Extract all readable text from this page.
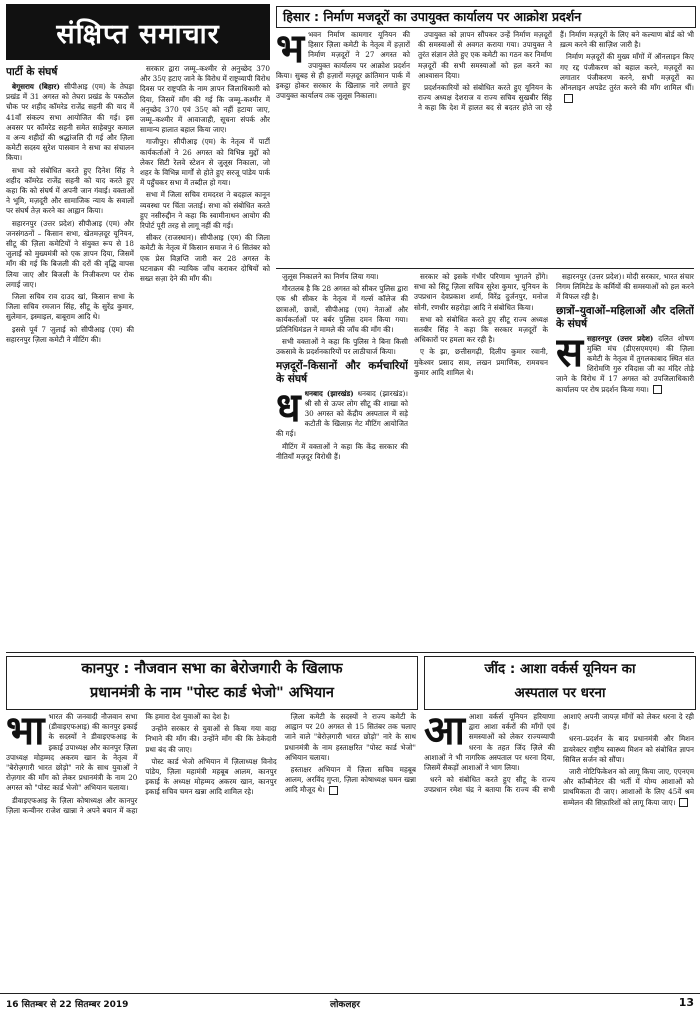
संक्षिप्त समाचार
पार्टी के संघर्ष

बेगूसराय (बिहार) सीपीआइ (एम) के तेघड़ा प्रखंड में 31 अगस्त को तेघरा प्रखंड के पकठौल चौक पर शहीद कॉमरेड राजेंद्र सहनी की याद में 41वाँ संकल्प सभा आयोजित की गई। इस अवसर पर कॉमरेड सहनी समेत साहेबपुर कमाल व अन्य शहीदों की श्रद्धांजलि दी गई और ज़िला कमेटी सदस्य सुरेश पासवान ने सभा का संचालन किया।

सभा को संबोधित करते हुए दिनेश सिंह ने शहीद कॉमरेड राजेंद्र सहनी को याद करते हुए कहा कि को संघर्ष में अपनी जान गंवाई। वक्ताओं ने भूमि, मज़दूरी और सामाजिक न्याय के सवालों पर संघर्ष तेज़ करने का आह्वान किया।

सहारनपुर (उत्तर प्रदेश) सीपीआइ (एम) और जनसंगठनों – किसान सभा, खेतमज़दूर यूनियन, सीटू की ज़िला कमेटियों ने संयुक्त रूप से 18 जुलाई को मुख्यमंत्री को एक ज्ञापन दिया, जिसमें माँग की गई कि बिजली की दरों की वृद्धि वापस लिया जाए और बिजली के निजीकरण पर रोक लगाई जाए।

जिला सचिव राव दाउद खां, किसान सभा के जिला सचिव रमजान सिंह, सीटू के सुरेंद्र कुमार, सुलेमान, इस्माइल, बाबूराम आदि थे।

इससे पूर्व 7 जुलाई को सीपीआइ (एम) की सहारनपुर ज़िला कमेटी ने मीटिंग की।

सरकार द्वारा जम्मू–कश्मीर से अनुच्छेद 370 और 35ए हटाए जाने के विरोध में राष्ट्रव्यापी विरोध दिवस पर राष्ट्रपति के नाम ज्ञापन जिलाधिकारी को दिया, जिसमें माँग की गई कि जम्मू–कश्मीर में अनुच्छेद 370 एवं 35ए को नहीं हटाया जाए, जम्मू–कश्मीर में आवाजाही, सूचना संपर्क और सामान्य हालात बहाल किया जाए।

गाजीपुर। सीपीआइ (एम) के नेतृत्व में पार्टी कार्यकर्ताओं ने 26 अगस्त को विभिन्न मुद्दों को लेकर सिटी रेलवे स्टेशन से जुलूस निकाला, जो शहर के विभिन्न मार्गों से होते हुए सरजू पांडेय पार्क में पहुँचकर सभा में तब्दील हो गया।

सभा में जिला सचिव रामदरश ने बदहाल कानून व्यवस्था पर चिंता जताई। सभा को संबोधित करते हुए नसीरुद्दीन ने कहा कि स्वामीनाथन आयोग की रिपोर्ट पूरी तरह से लागू नहीं की गई।

सीकर (राजस्थान)। सीपीआइ (एम) की जिला कमेटी के नेतृत्व में किसान समाज ने 6 सितंबर को एक प्रेस विज्ञप्ति जारी कर 28 अगस्त के घटनाक्रम की न्यायिक जाँच कराकर दोषियों को सख्त सज़ा देने की माँग की।

हिसार : निर्माण मजदूरों का उपायुक्त कार्यालय पर आक्रोश प्रदर्शन

भभवन निर्माण कामगार यूनियन की हिसार ज़िला कमेटी के नेतृत्व में हज़ारों निर्माण मज़दूरों ने 27 अगस्त को उपायुक्त कार्यालय पर आक्रोश प्रदर्शन किया। सुबह से ही हज़ारों मज़दूर क्रांतिमान पार्क में इकट्ठा होकर सरकार के खिलाफ़ नारे लगाते हुए उपायुक्त कार्यालय तक जुलूस निकाला।

उपायुक्त को ज्ञापन सौंपकर उन्हें निर्माण मज़दूरों की समस्याओं से अवगत कराया गया। उपायुक्त ने तुरंत संज्ञान लेते हुए एक कमेटी का गठन कर निर्माण मज़दूरों की सभी समस्याओं को हल करने का आश्वासन दिया।

प्रदर्शनकारियों को संबोधित करते हुए यूनियन के राज्य अध्यक्ष देशराज व राज्य सचिव सुखबीर सिंह ने कहा कि देश में हालत बद से बदतर होते जा रहे हैं। निर्माण मज़दूरों के लिए बने कल्याण बोर्ड को भी ख़त्म करने की साज़िश जारी है।

निर्माण मज़दूरों की मुख्य माँगों में ऑनलाइन किए गए रद्द पंजीकरण को बहाल करने, मज़दूरों का लगातार पंजीकरण करने, सभी मज़दूरों का ऑनलाइन अपडेट तुरंत करने की माँग शामिल थीं।

जुलूस निकालने का निर्णय लिया गया।

गौरतलब है कि 28 अगस्त को सीकर पुलिस द्वारा एक श्री सीकर के नेतृत्व में गर्ल्स कॉलेज की छात्राओं, छात्रों, सीपीआइ (एम) नेताओं और कार्यकर्ताओं पर बर्बर पुलिस दमन किया गया। प्रतिनिधिमंडल ने मामले की जाँच की माँग की।

सभी वक्ताओं ने कहा कि पुलिस ने बिना किसी उकसावे के प्रदर्शनकारियों पर लाठीचार्ज किया।

मज़दूरों–किसानों और कर्मचारियों के संघर्ष

धधनबाद (झारखंड) धनबाद (झारखंड)। श्री सौ से ऊपर लोग सीटू की शाखा को 30 अगस्त को केंद्रीय अस्पताल में सड़े कटौती के खिलाफ़ गेट मीटिंग आयोजित की गई।

मीटिंग में वक्ताओं ने कहा कि केंद्र सरकार की नीतियाँ मज़दूर विरोधी हैं।

सरकार को इसके गंभीर परिणाम भुगतने होंगे। सभा को सिटू ज़िला सचिव सुरेश कुमार, यूनियन के उपप्रधान देवप्रकाश शर्मा, विरेंद्र दुर्जनपुर, मनोज सोनी, रणधीर सहरोड़ा आदि ने संबोधित किया।

सभा को संबोधित करते हुए सीटू राज्य अध्यक्ष सतबीर सिंह ने कहा कि सरकार मज़दूरों के अधिकारों पर हमला कर रही है।

ए के झा, छत्तीसगढ़ी, दिलीप कुमार रवानी, मुकेश्वर प्रसाद साव, लखन प्रमाणिक, रामवचन कुमार आदि शामिल थे।

सहारनपुर (उत्तर प्रदेश)। मोदी सरकार, भारत संचार निगम लिमिटेड के कर्मियों की समस्याओं को हल करने में विफल रही है।

छात्रों–युवाओं–महिलाओं और दलितों के संघर्ष

ससहारनपुर (उत्तर प्रदेश) दलित शोषण मुक्ति मंच (डीएसएमएम) की ज़िला कमेटी के नेतृत्व में तुगलकाबाद स्थित संत शिरोमणि गुरु रविदास जी का मंदिर तोड़े जाने के विरोध में 17 अगस्त को उपजिलाधिकारी कार्यालय पर रोष प्रदर्शन किया गया।

कानपुर : नौजवान सभा का बेरोजगारी के खिलाफ
प्रधानमंत्री के नाम "पोस्ट कार्ड भेजो" अभियान

भाभारत की जनवादी नौजवान सभा (डीवाइएफआइ) की कानपुर इकाई के सदस्यों ने डीवाइएफआइ के इकाई उपाध्यक्ष और कानपुर ज़िला उपाध्यक्ष मोहम्मद अकरम खान के नेतृत्व में "बेरोज़गारी भारत छोड़ो" नारे के साथ युवाओं ने रोज़गार की माँग को लेकर प्रधानमंत्री के नाम 20 अगस्त को "पोस्ट कार्ड भेजो" अभियान चलाया।

डीवाइएफआइ के ज़िला कोषाध्यक्ष और कानपुर ज़िला कन्वीनर राजेश खान्ना ने अपने बयान में कहा कि हमारा देश युवाओं का देश है।

उन्होंने सरकार से युवाओं से किया गया वादा निभाने की माँग की। उन्होंने माँग की कि ठेकेदारी प्रथा बंद की जाए।

पोस्ट कार्ड भेजो अभियान में ज़िलाध्यक्ष विनोद पांडेय, ज़िला महामंत्री महबूब आलम, कानपुर इकाई के अध्यक्ष मोहम्मद अकरम खान, कानपुर इकाई सचिव चमन खन्ना आदि शामिल रहे।

ज़िला कमेटी के सदस्यों ने राज्य कमेटी के आह्वान पर 20 अगस्त से 15 सितंबर तक चलाए जाने वाले "बेरोज़गारी भारत छोड़ो" नारे के साथ प्रधानमंत्री के नाम हस्ताक्षरित "पोस्ट कार्ड भेजो" अभियान चलाया।

हस्ताक्षर अभियान में ज़िला सचिव महबूब आलम, अरविंद गुप्ता, ज़िला कोषाध्यक्ष चमन खन्ना आदि मौजूद थे।

जींद : आशा वर्कर्स यूनियन का
अस्पताल पर धरना

आआशा वर्कर्स यूनियन हरियाणा द्वारा आशा वर्करों की माँगों एवं समस्याओं को लेकर राज्यव्यापी धरना के तहत जिंद ज़िले की आशाओं ने भी नागरिक अस्पताल पर धरना दिया, जिसमें सैकड़ों आशाओं ने भाग लिया।

धरने को संबोधित करते हुए सीटू के राज्य उपप्रधान रमेश चंद्र ने बताया कि राज्य की सभी आशाएं अपनी जायज़ माँगों को लेकर धरना दे रही हैं।

धरना–प्रदर्शन के बाद प्रधानमंत्री और मिशन डायरेक्टर राष्ट्रीय स्वास्थ्य मिशन को संबोधित ज्ञापन सिविल सर्जन को सौंपा।

जारी नोटिफिकेशन को लागू किया जाए, एएनएम और कॉम्बीनेटर की भर्ती में योग्य आशाओं को प्राथमिकता दी जाए। आशाओं के लिए 45वें श्रम सम्मेलन की सिफ़ारिशों को लागू किया जाए।

16 सितम्बर से 22 सितम्बर 2019	लोकलहर	13
